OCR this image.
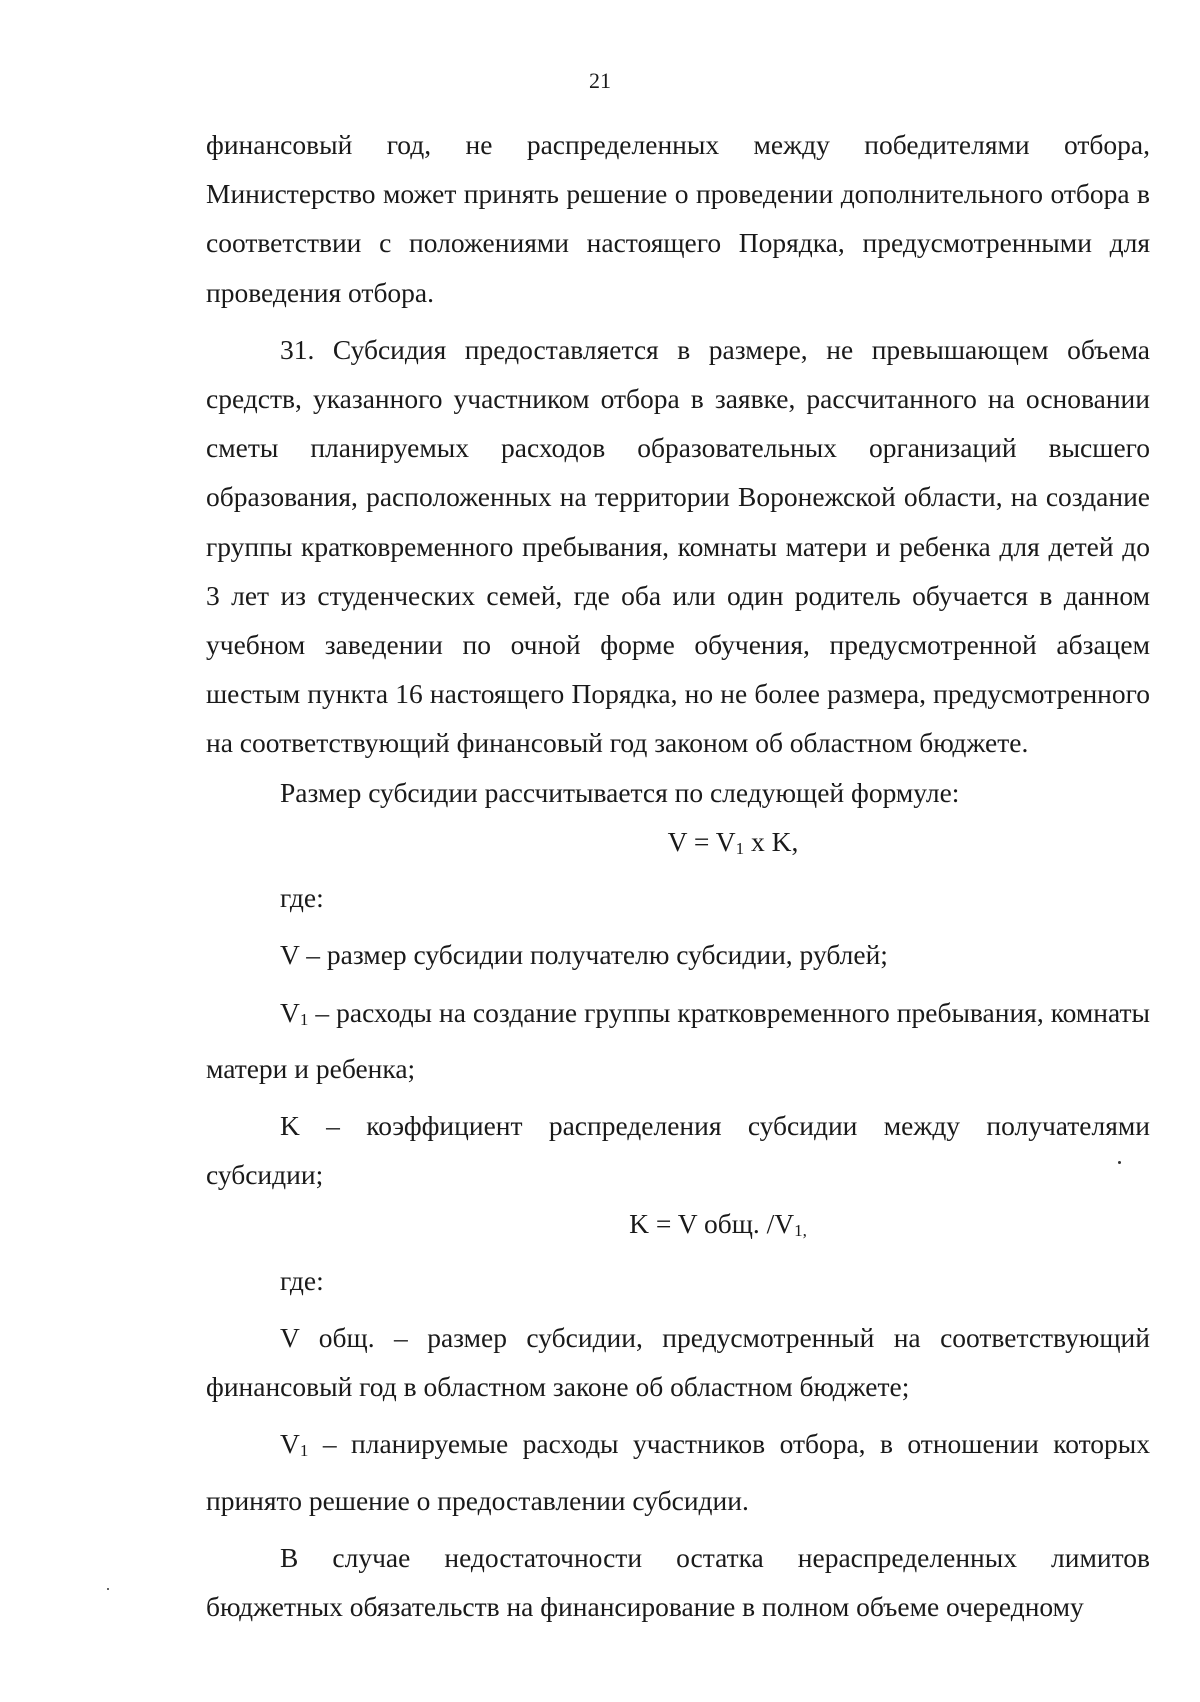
21

финансовый год, не распределенных между победителями отбора, Министерство может принять решение о проведении дополнительного отбора в соответствии с положениями настоящего Порядка, предусмотренными для проведения отбора.

31. Субсидия предоставляется в размере, не превышающем объема средств, указанного участником отбора в заявке, рассчитанного на основании сметы планируемых расходов образовательных организаций высшего образования, расположенных на территории Воронежской области, на создание группы кратковременного пребывания, комнаты матери и ребенка для детей до 3 лет из студенческих семей, где оба или один родитель обучается в данном учебном заведении по очной форме обучения, предусмотренной абзацем шестым пункта 16 настоящего Порядка, но не более размера, предусмотренного на соответствующий финансовый год законом об областном бюджете.

Размер субсидии рассчитывается по следующей формуле:

V = V1 x K,

где:

V – размер субсидии получателю субсидии, рублей;

V1 – расходы на создание группы кратковременного пребывания, комнаты матери и ребенка;

K – коэффициент распределения субсидии между получателями субсидии;

K = V общ. /V1,

где:

V общ. – размер субсидии, предусмотренный на соответствующий финансовый год в областном законе об областном бюджете;

V1 – планируемые расходы участников отбора, в отношении которых принято решение о предоставлении субсидии.

В случае недостаточности остатка нераспределенных лимитов бюджетных обязательств на финансирование в полном объеме очередному
